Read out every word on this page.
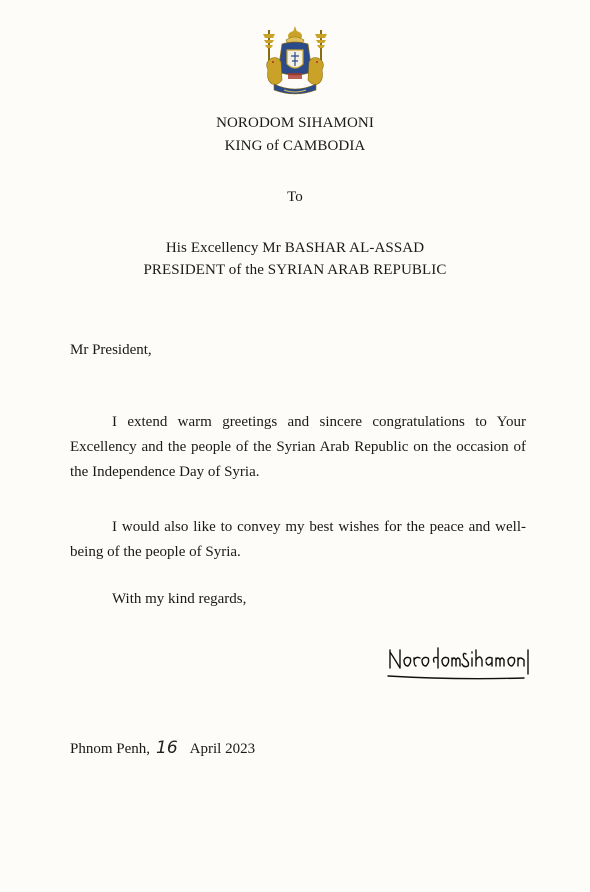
NORODOM SIHAMONI
KING of CAMBODIA
To
His Excellency Mr BASHAR AL-ASSAD
PRESIDENT of the SYRIAN ARAB REPUBLIC
Mr President,
I extend warm greetings and sincere congratulations to Your Excellency and the people of the Syrian Arab Republic on the occasion of the Independence Day of Syria.
I would also like to convey my best wishes for the peace and well-being of the people of Syria.
With my kind regards,
Phnom Penh, 16 April 2023
